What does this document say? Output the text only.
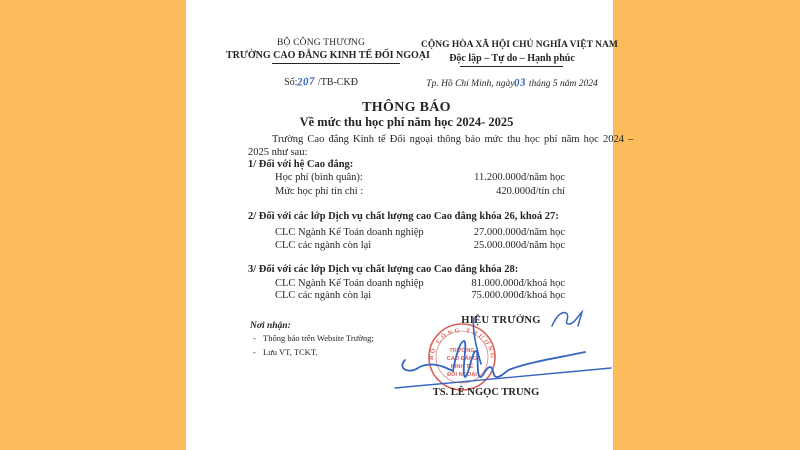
BỘ CÔNG THƯƠNG
TRƯỜNG CAO ĐẲNG KINH TẾ ĐỐI NGOẠI
Số:207 /TB-CKĐ
CỘNG HÒA XÃ HỘI CHỦ NGHĨA VIỆT NAM
Độc lập – Tự do – Hạnh phúc
Tp. Hồ Chí Minh, ngày03 tháng 5 năm 2024
THÔNG BÁO
Về mức thu học phí năm học 2024- 2025
Trường Cao đẳng Kinh tế Đối ngoại thông báo mức thu học phí năm học 2024 –
2025 như sau:
1/ Đối với hệ Cao đẳng:
Học phí (bình quân):	11.200.000đ/năm học
Mức học phí tín chỉ :	420.000đ/tín chỉ
2/ Đối với các lớp Dịch vụ chất lượng cao Cao đẳng khóa 26, khoá 27:
CLC Ngành Kế Toán doanh nghiệp	27.000.000đ/năm học
CLC các ngành còn lại	25.000.000đ/năm học
3/ Đối với các lớp Dịch vụ chất lượng cao Cao đẳng khóa 28:
CLC Ngành Kế Toán doanh nghiệp	81.000.000đ/khoá học
CLC các ngành còn lại	75.000.000đ/khoá học
Nơi nhận:
- Thông báo trên Website Trường;
- Lưu VT, TCKT.
HIỆU TRƯỞNG
BỘ CÔNG THƯƠNG
TRƯỜNG
CAO ĐẲNG
KINH TẾ
ĐỐI NGOẠI
TS. LÊ NGỌC TRUNG
